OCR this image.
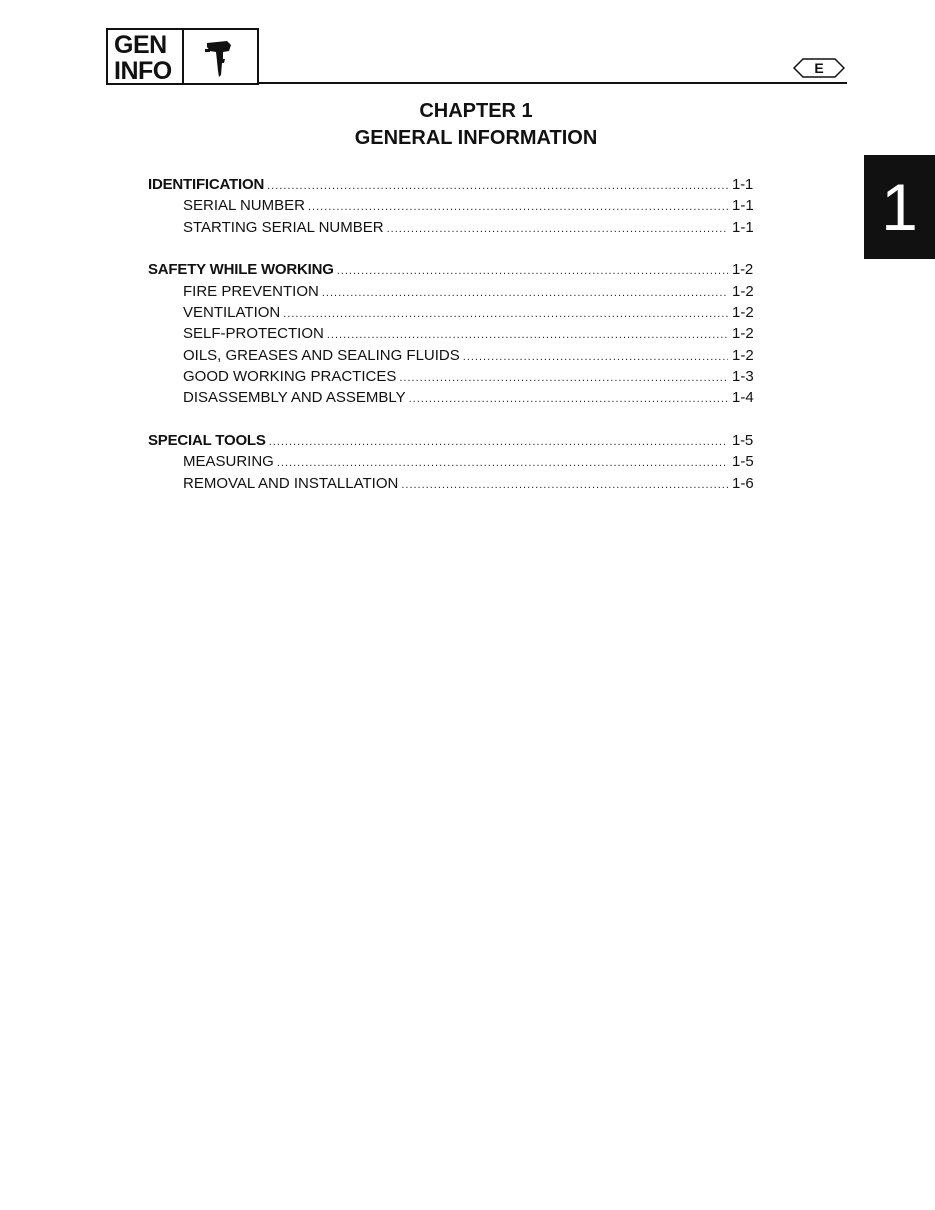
GEN
INFO	E
1
CHAPTER 1
GENERAL INFORMATION
IDENTIFICATION .....	1-1
SERIAL NUMBER .....	1-1
STARTING SERIAL NUMBER .....	1-1
SAFETY WHILE WORKING .....	1-2
FIRE PREVENTION .....	1-2
VENTILATION .....	1-2
SELF-PROTECTION .....	1-2
OILS, GREASES AND SEALING FLUIDS .....	1-2
GOOD WORKING PRACTICES .....	1-3
DISASSEMBLY AND ASSEMBLY .....	1-4
SPECIAL TOOLS .....	1-5
MEASURING .....	1-5
REMOVAL AND INSTALLATION .....	1-6
